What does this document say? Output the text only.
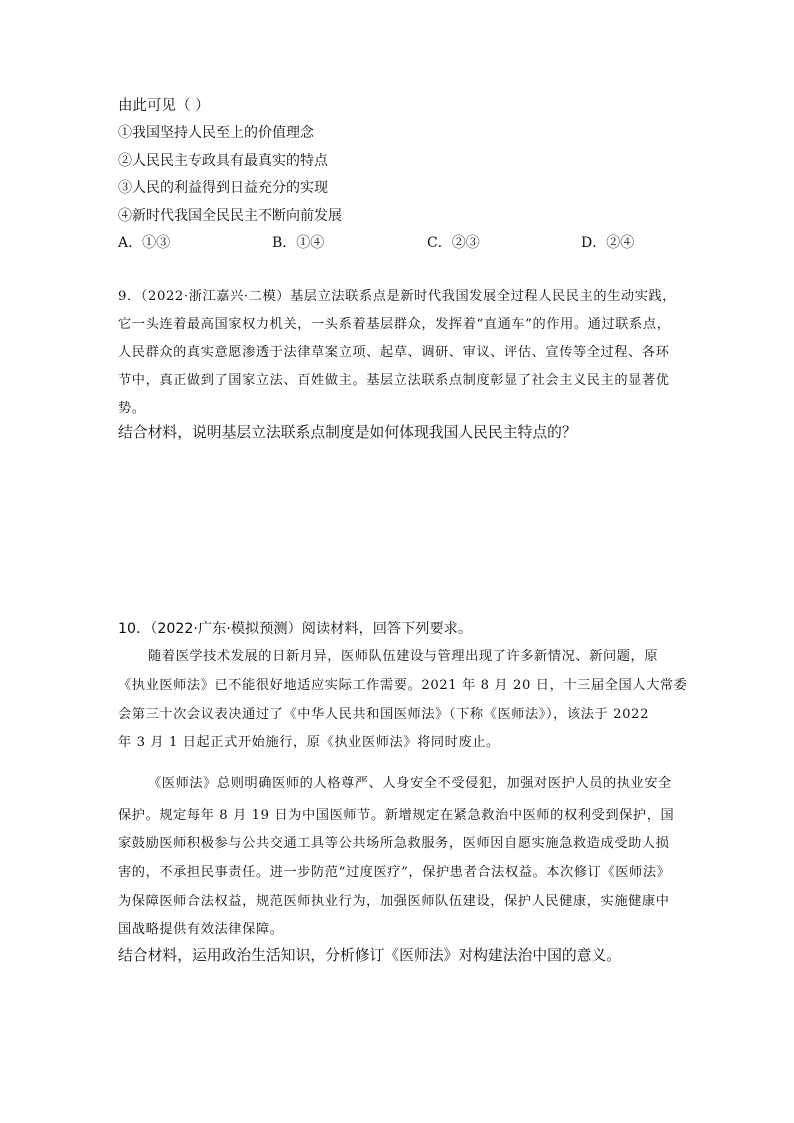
由此可见（ ）
①我国坚持人民至上的价值理念
②人民民主专政具有最真实的特点
③人民的利益得到日益充分的实现
④新时代我国全民民主不断向前发展
A．①③	B．①④	C．②③	D．②④
9．（2022·浙江嘉兴·二模）基层立法联系点是新时代我国发展全过程人民民主的生动实践，
它一头连着最高国家权力机关，一头系着基层群众，发挥着“直通车”的作用。通过联系点，
人民群众的真实意愿渗透于法律草案立项、起草、调研、审议、评估、宣传等全过程、各环
节中，真正做到了国家立法、百姓做主。基层立法联系点制度彰显了社会主义民主的显著优
势。
结合材料，说明基层立法联系点制度是如何体现我国人民民主特点的？
10．（2022·广东·模拟预测）阅读材料，回答下列要求。
随着医学技术发展的日新月异，医师队伍建设与管理出现了许多新情况、新问题，原
《执业医师法》已不能很好地适应实际工作需要。2021 年 8 月 20 日，十三届全国人大常委
会第三十次会议表决通过了《中华人民共和国医师法》（下称《医师法》），该法于 2022
年 3 月 1 日起正式开始施行，原《执业医师法》将同时废止。
《医师法》总则明确医师的人格尊严、人身安全不受侵犯，加强对医护人员的执业安全
保护。规定每年 8 月 19 日为中国医师节。新增规定在紧急救治中医师的权利受到保护，国
家鼓励医师积极参与公共交通工具等公共场所急救服务，医师因自愿实施急救造成受助人损
害的，不承担民事责任。进一步防范“过度医疗”，保护患者合法权益。本次修订《医师法》
为保障医师合法权益，规范医师执业行为，加强医师队伍建设，保护人民健康，实施健康中
国战略提供有效法律保障。
结合材料，运用政治生活知识，分析修订《医师法》对构建法治中国的意义。
